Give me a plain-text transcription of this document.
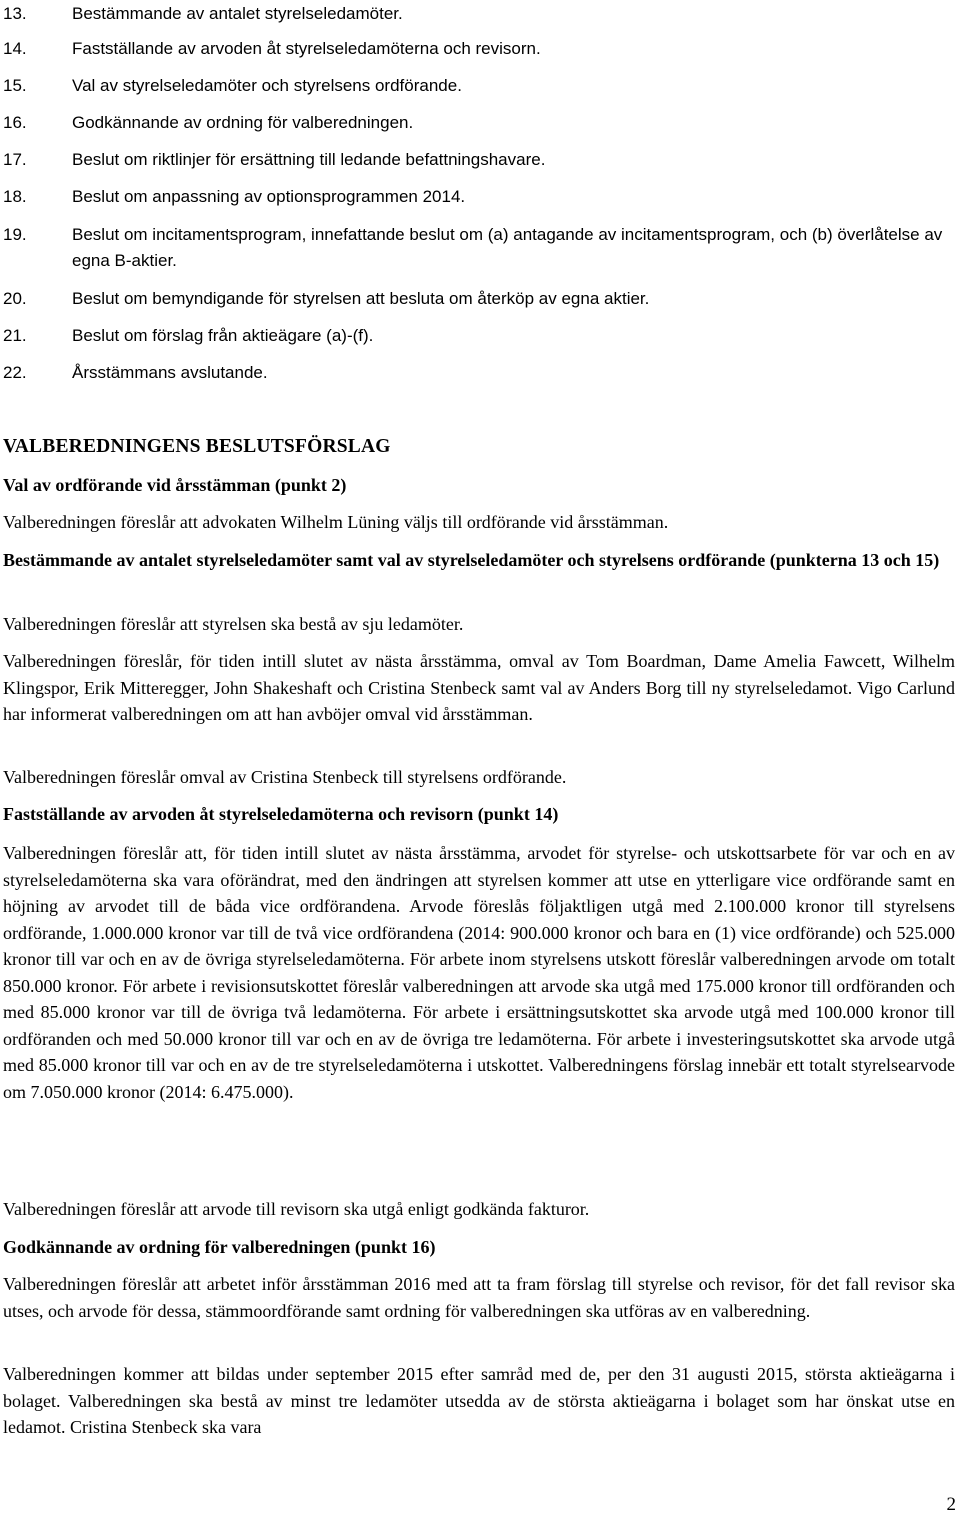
13.	Bestämmande av antalet styrelseledamöter.
14.	Fastställande av arvoden åt styrelseledamöterna och revisorn.
15.	Val av styrelseledamöter och styrelsens ordförande.
16.	Godkännande av ordning för valberedningen.
17.	Beslut om riktlinjer för ersättning till ledande befattningshavare.
18.	Beslut om anpassning av optionsprogrammen 2014.
19.	Beslut om incitamentsprogram, innefattande beslut om (a) antagande av incitamentsprogram, och (b) överlåtelse av egna B-aktier.
20.	Beslut om bemyndigande för styrelsen att besluta om återköp av egna aktier.
21.	Beslut om förslag från aktieägare (a)-(f).
22.	Årsstämmans avslutande.
VALBEREDNINGENS BESLUTSFÖRSLAG
Val av ordförande vid årsstämman (punkt 2)
Valberedningen föreslår att advokaten Wilhelm Lüning väljs till ordförande vid årsstämman.
Bestämmande av antalet styrelseledamöter samt val av styrelseledamöter och styrelsens ordförande (punkterna 13 och 15)
Valberedningen föreslår att styrelsen ska bestå av sju ledamöter.
Valberedningen föreslår, för tiden intill slutet av nästa årsstämma, omval av Tom Boardman, Dame Amelia Fawcett, Wilhelm Klingspor, Erik Mitteregger, John Shakeshaft och Cristina Stenbeck samt val av Anders Borg till ny styrelseledamot. Vigo Carlund har informerat valberedningen om att han avböjer omval vid årsstämman.
Valberedningen föreslår omval av Cristina Stenbeck till styrelsens ordförande.
Fastställande av arvoden åt styrelseledamöterna och revisorn (punkt 14)
Valberedningen föreslår att, för tiden intill slutet av nästa årsstämma, arvodet för styrelse- och utskottsarbete för var och en av styrelseledamöterna ska vara oförändrat, med den ändringen att styrelsen kommer att utse en ytterligare vice ordförande samt en höjning av arvodet till de båda vice ordförandena. Arvode föreslås följaktligen utgå med 2.100.000 kronor till styrelsens ordförande, 1.000.000 kronor var till de två vice ordförandena (2014: 900.000 kronor och bara en (1) vice ordförande) och 525.000 kronor till var och en av de övriga styrelseledamöterna. För arbete inom styrelsens utskott föreslår valberedningen arvode om totalt 850.000 kronor. För arbete i revisionsutskottet föreslår valberedningen att arvode ska utgå med 175.000 kronor till ordföranden och med 85.000 kronor var till de övriga två ledamöterna. För arbete i ersättningsutskottet ska arvode utgå med 100.000 kronor till ordföranden och med 50.000 kronor till var och en av de övriga tre ledamöterna. För arbete i investeringsutskottet ska arvode utgå med 85.000 kronor till var och en av de tre styrelseledamöterna i utskottet. Valberedningens förslag innebär ett totalt styrelsearvode om 7.050.000 kronor (2014: 6.475.000).
Valberedningen föreslår att arvode till revisorn ska utgå enligt godkända fakturor.
Godkännande av ordning för valberedningen (punkt 16)
Valberedningen föreslår att arbetet inför årsstämman 2016 med att ta fram förslag till styrelse och revisor, för det fall revisor ska utses, och arvode för dessa, stämmoordförande samt ordning för valberedningen ska utföras av en valberedning.
Valberedningen kommer att bildas under september 2015 efter samråd med de, per den 31 augusti 2015, största aktieägarna i bolaget. Valberedningen ska bestå av minst tre ledamöter utsedda av de största aktieägarna i bolaget som har önskat utse en ledamot. Cristina Stenbeck ska vara
2
